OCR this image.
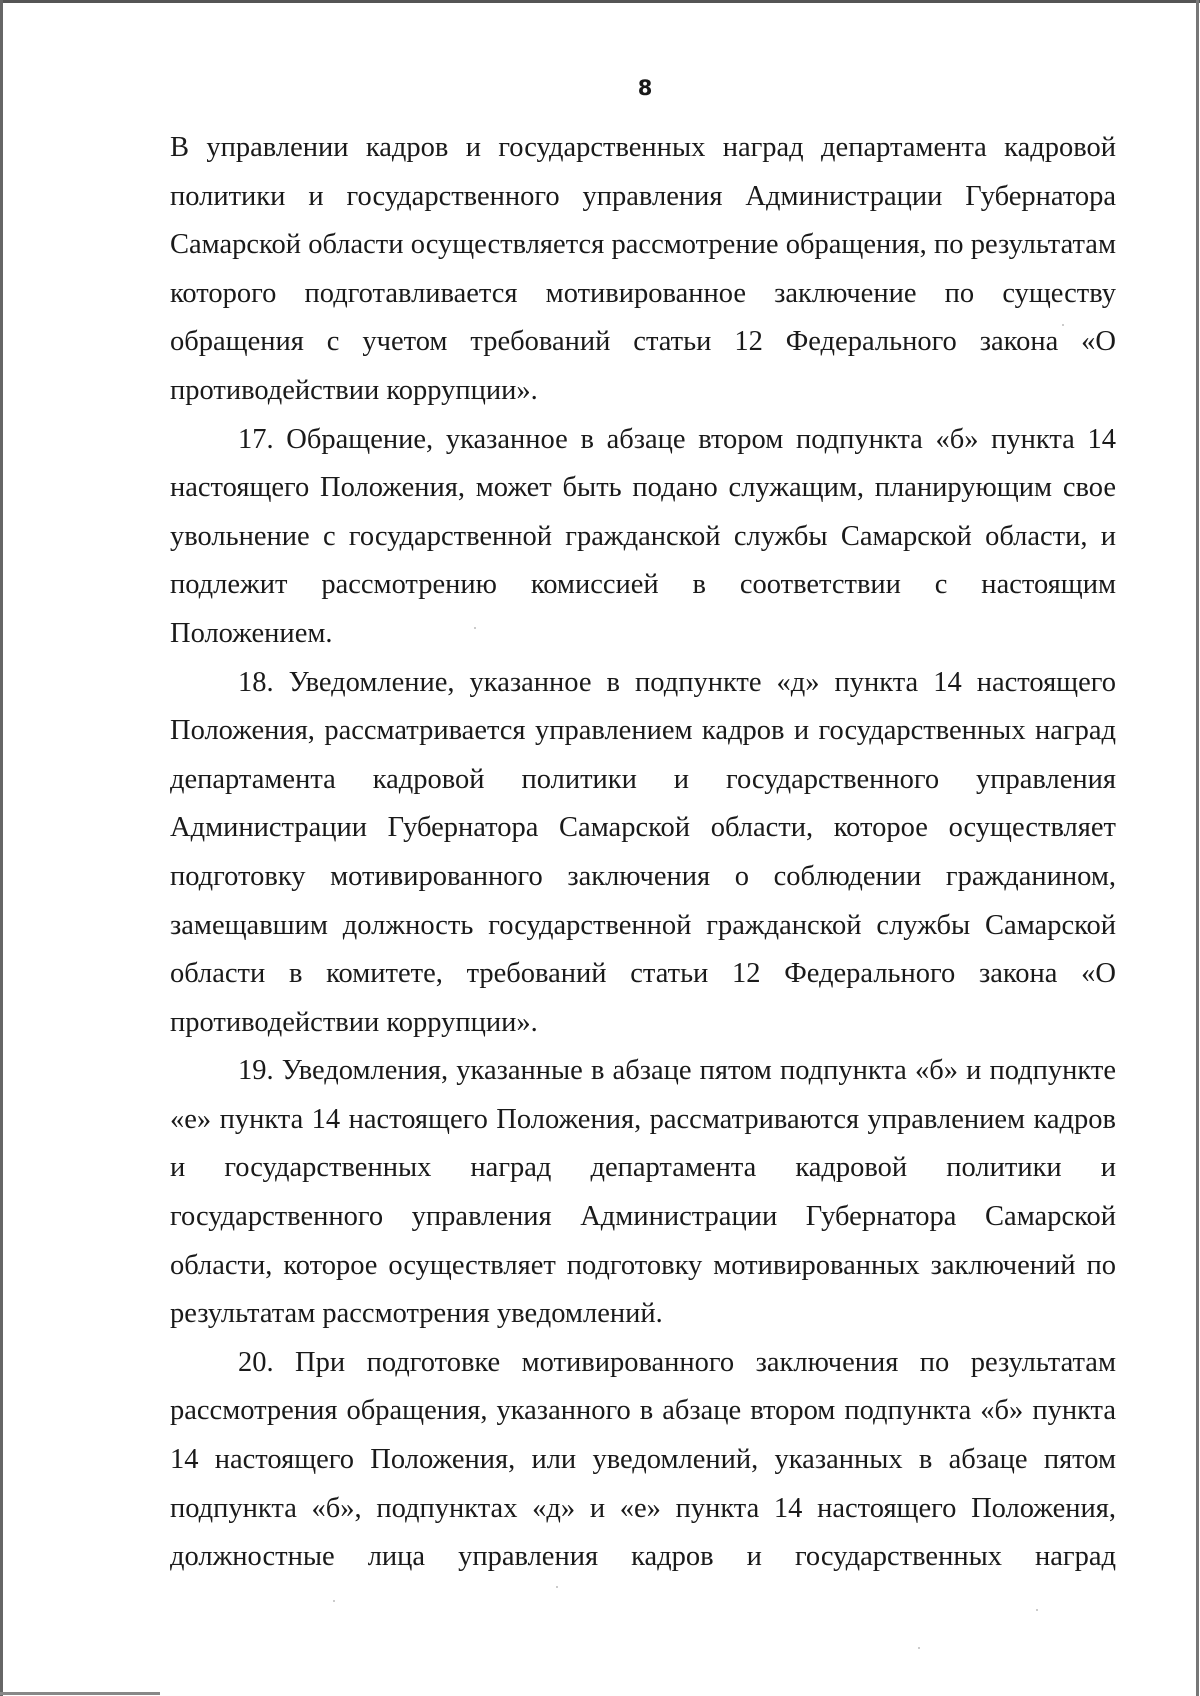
8

В управлении кадров и государственных наград департамента кадровой политики и государственного управления Администрации Губернатора Самарской области осуществляется рассмотрение обращения, по результатам которого подготавливается мотивированное заключение по существу обращения с учетом требований статьи 12 Федерального закона «О противодействии коррупции».

17. Обращение, указанное в абзаце втором подпункта «б» пункта 14 настоящего Положения, может быть подано служащим, планирующим свое увольнение с государственной гражданской службы Самарской области, и подлежит рассмотрению комиссией в соответствии с настоящим Положением.

18. Уведомление, указанное в подпункте «д» пункта 14 настоящего Положения, рассматривается управлением кадров и государственных наград департамента кадровой политики и государственного управления Администрации Губернатора Самарской области, которое осуществляет подготовку мотивированного заключения о соблюдении гражданином, замещавшим должность государственной гражданской службы Самарской области в комитете, требований статьи 12 Федерального закона «О противодействии коррупции».

19. Уведомления, указанные в абзаце пятом подпункта «б» и подпункте «е» пункта 14 настоящего Положения, рассматриваются управлением кадров и государственных наград департамента кадровой политики и государственного управления Администрации Губернатора Самарской области, которое осуществляет подготовку мотивированных заключений по результатам рассмотрения уведомлений.

20. При подготовке мотивированного заключения по результатам рассмотрения обращения, указанного в абзаце втором подпункта «б» пункта 14 настоящего Положения, или уведомлений, указанных в абзаце пятом подпункта «б», подпунктах «д» и «е» пункта 14 настоящего Положения, должностные лица управления кадров и государственных наград
